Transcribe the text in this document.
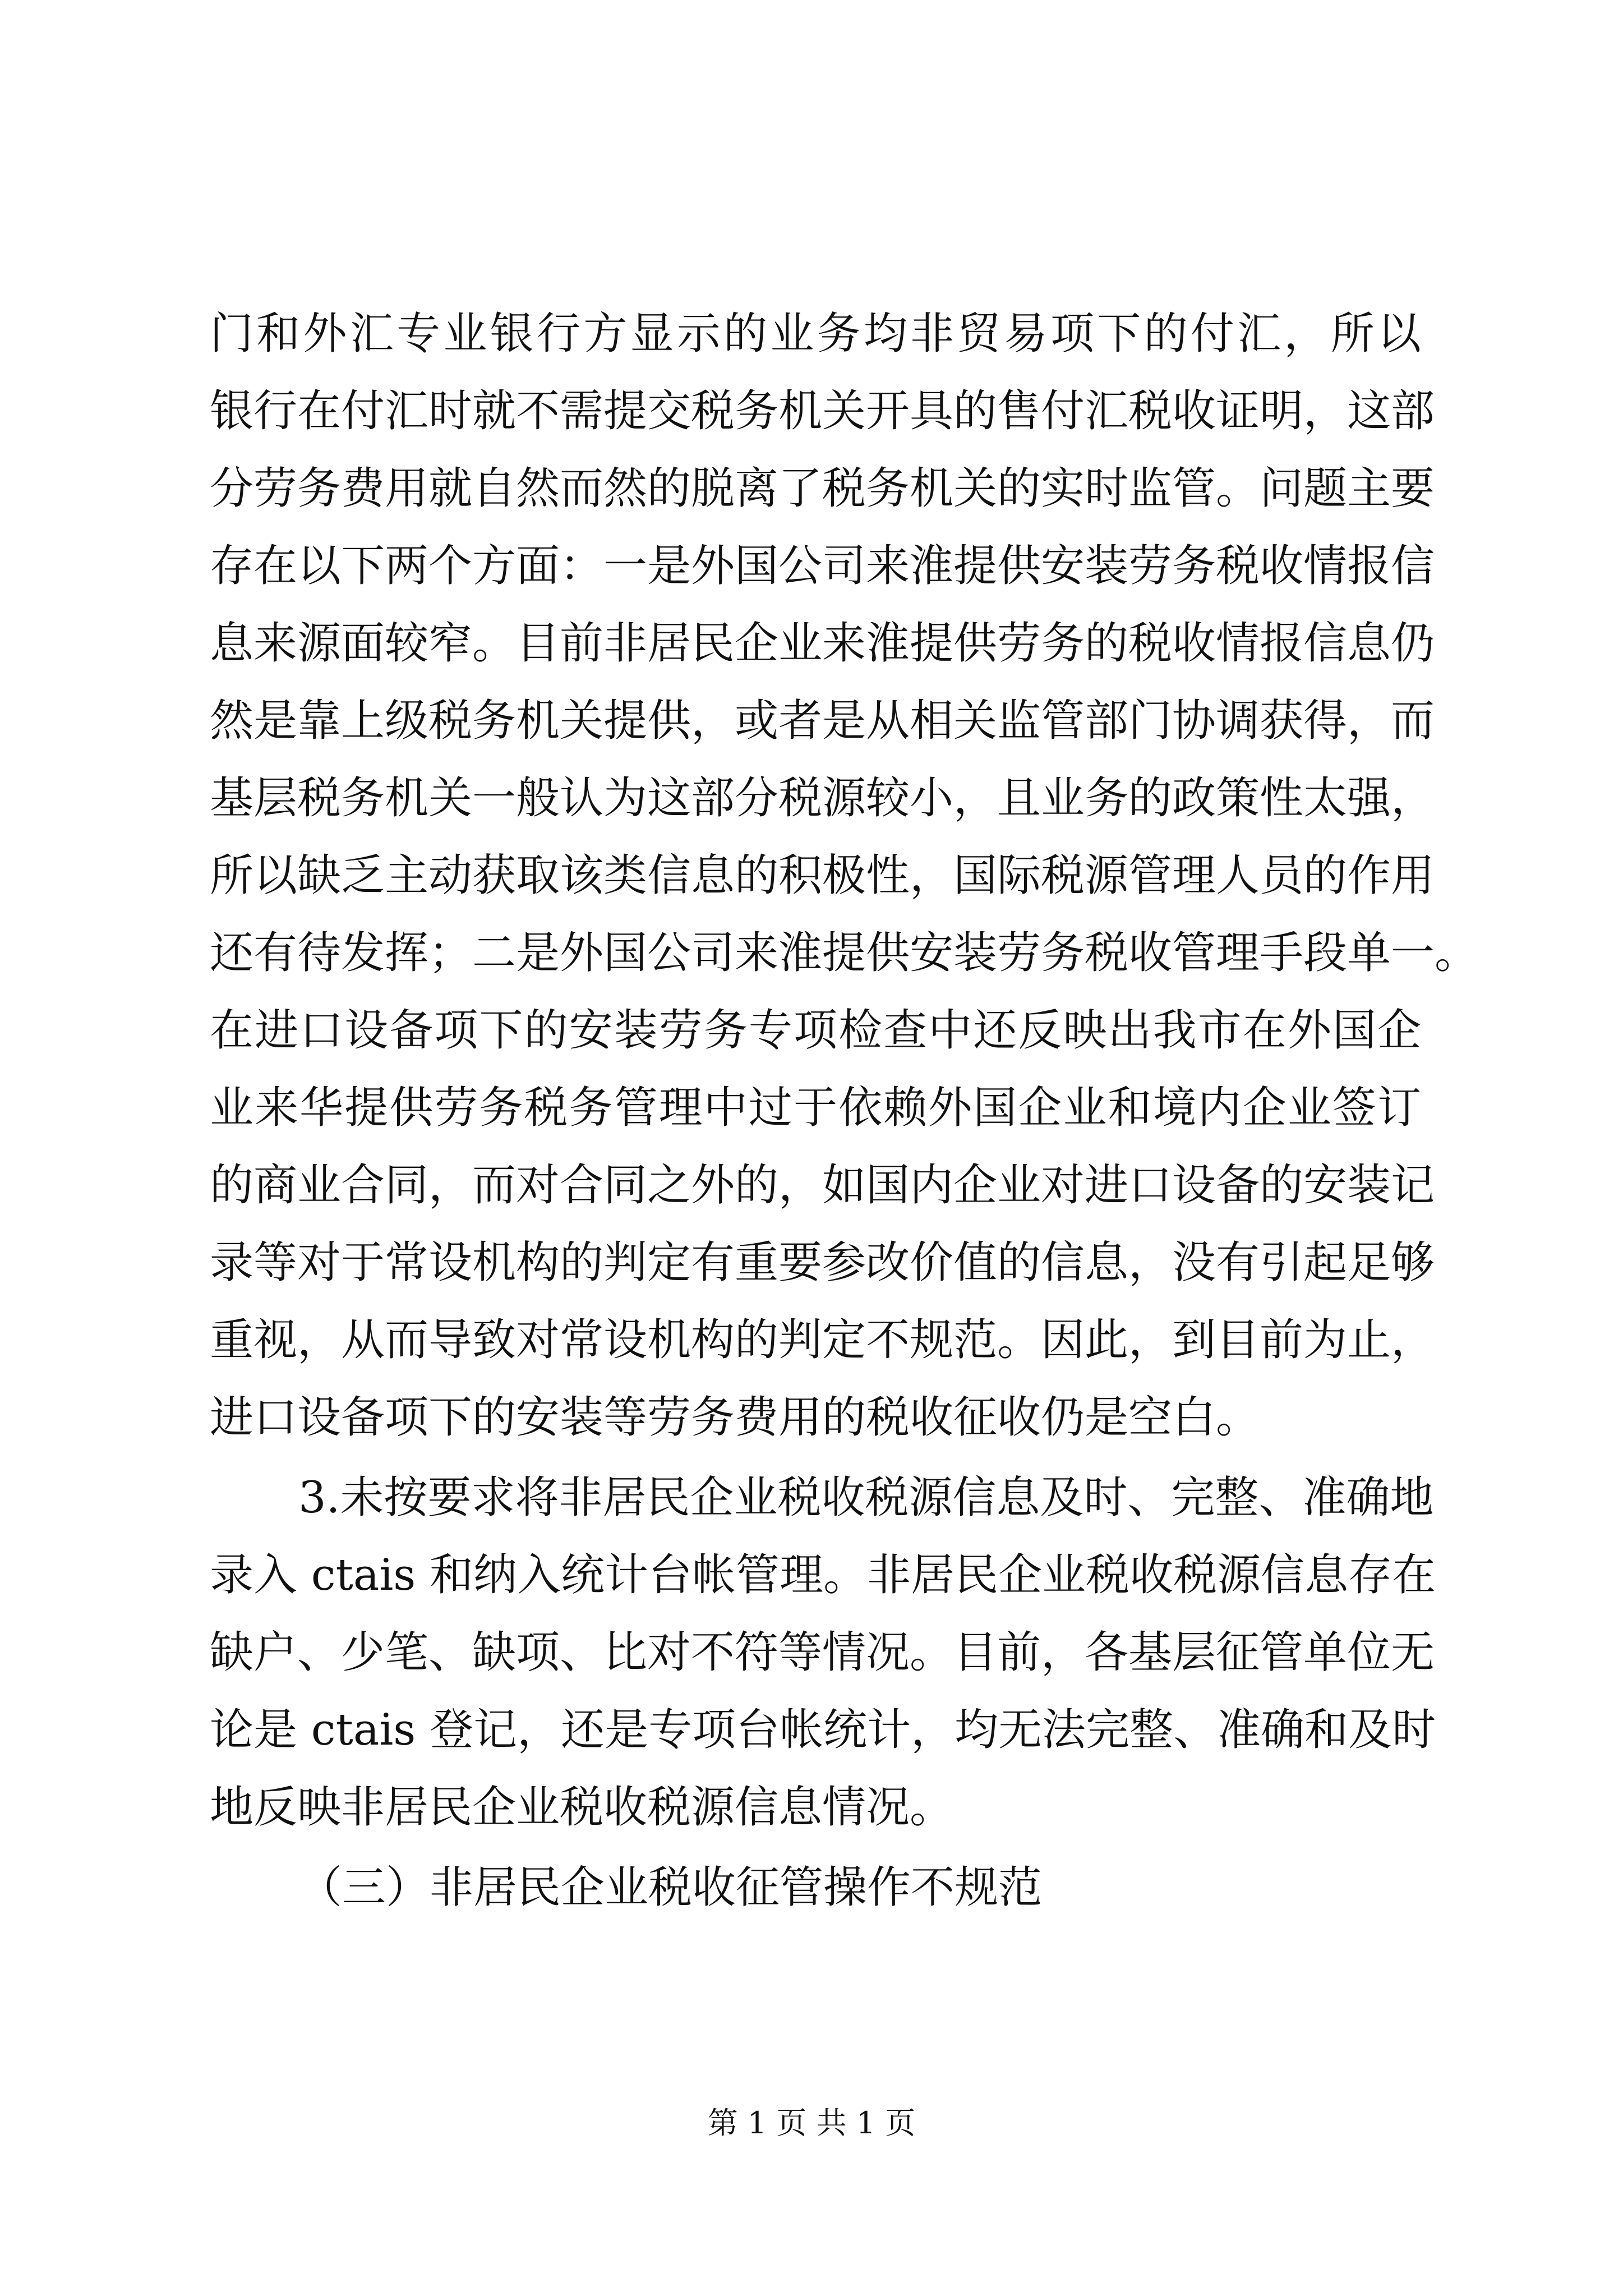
门和外汇专业银行方显示的业务均非贸易项下的付汇，所以
银行在付汇时就不需提交税务机关开具的售付汇税收证明，这部
分劳务费用就自然而然的脱离了税务机关的实时监管。问题主要
存在以下两个方面：一是外国公司来淮提供安装劳务税收情报信
息来源面较窄。目前非居民企业来淮提供劳务的税收情报信息仍
然是靠上级税务机关提供，或者是从相关监管部门协调获得，而
基层税务机关一般认为这部分税源较小，且业务的政策性太强，
所以缺乏主动获取该类信息的积极性，国际税源管理人员的作用
还有待发挥；二是外国公司来淮提供安装劳务税收管理手段单一。
在进口设备项下的安装劳务专项检查中还反映出我市在外国企
业来华提供劳务税务管理中过于依赖外国企业和境内企业签订
的商业合同，而对合同之外的，如国内企业对进口设备的安装记
录等对于常设机构的判定有重要参改价值的信息，没有引起足够
重视，从而导致对常设机构的判定不规范。因此，到目前为止，
进口设备项下的安装等劳务费用的税收征收仍是空白。
3.未按要求将非居民企业税收税源信息及时、完整、准确地
录入 ctais 和纳入统计台帐管理。非居民企业税收税源信息存在
缺户、少笔、缺项、比对不符等情况。目前，各基层征管单位无
论是 ctais 登记，还是专项台帐统计，均无法完整、准确和及时
地反映非居民企业税收税源信息情况。
（三）非居民企业税收征管操作不规范
第 1 页 共 1 页
